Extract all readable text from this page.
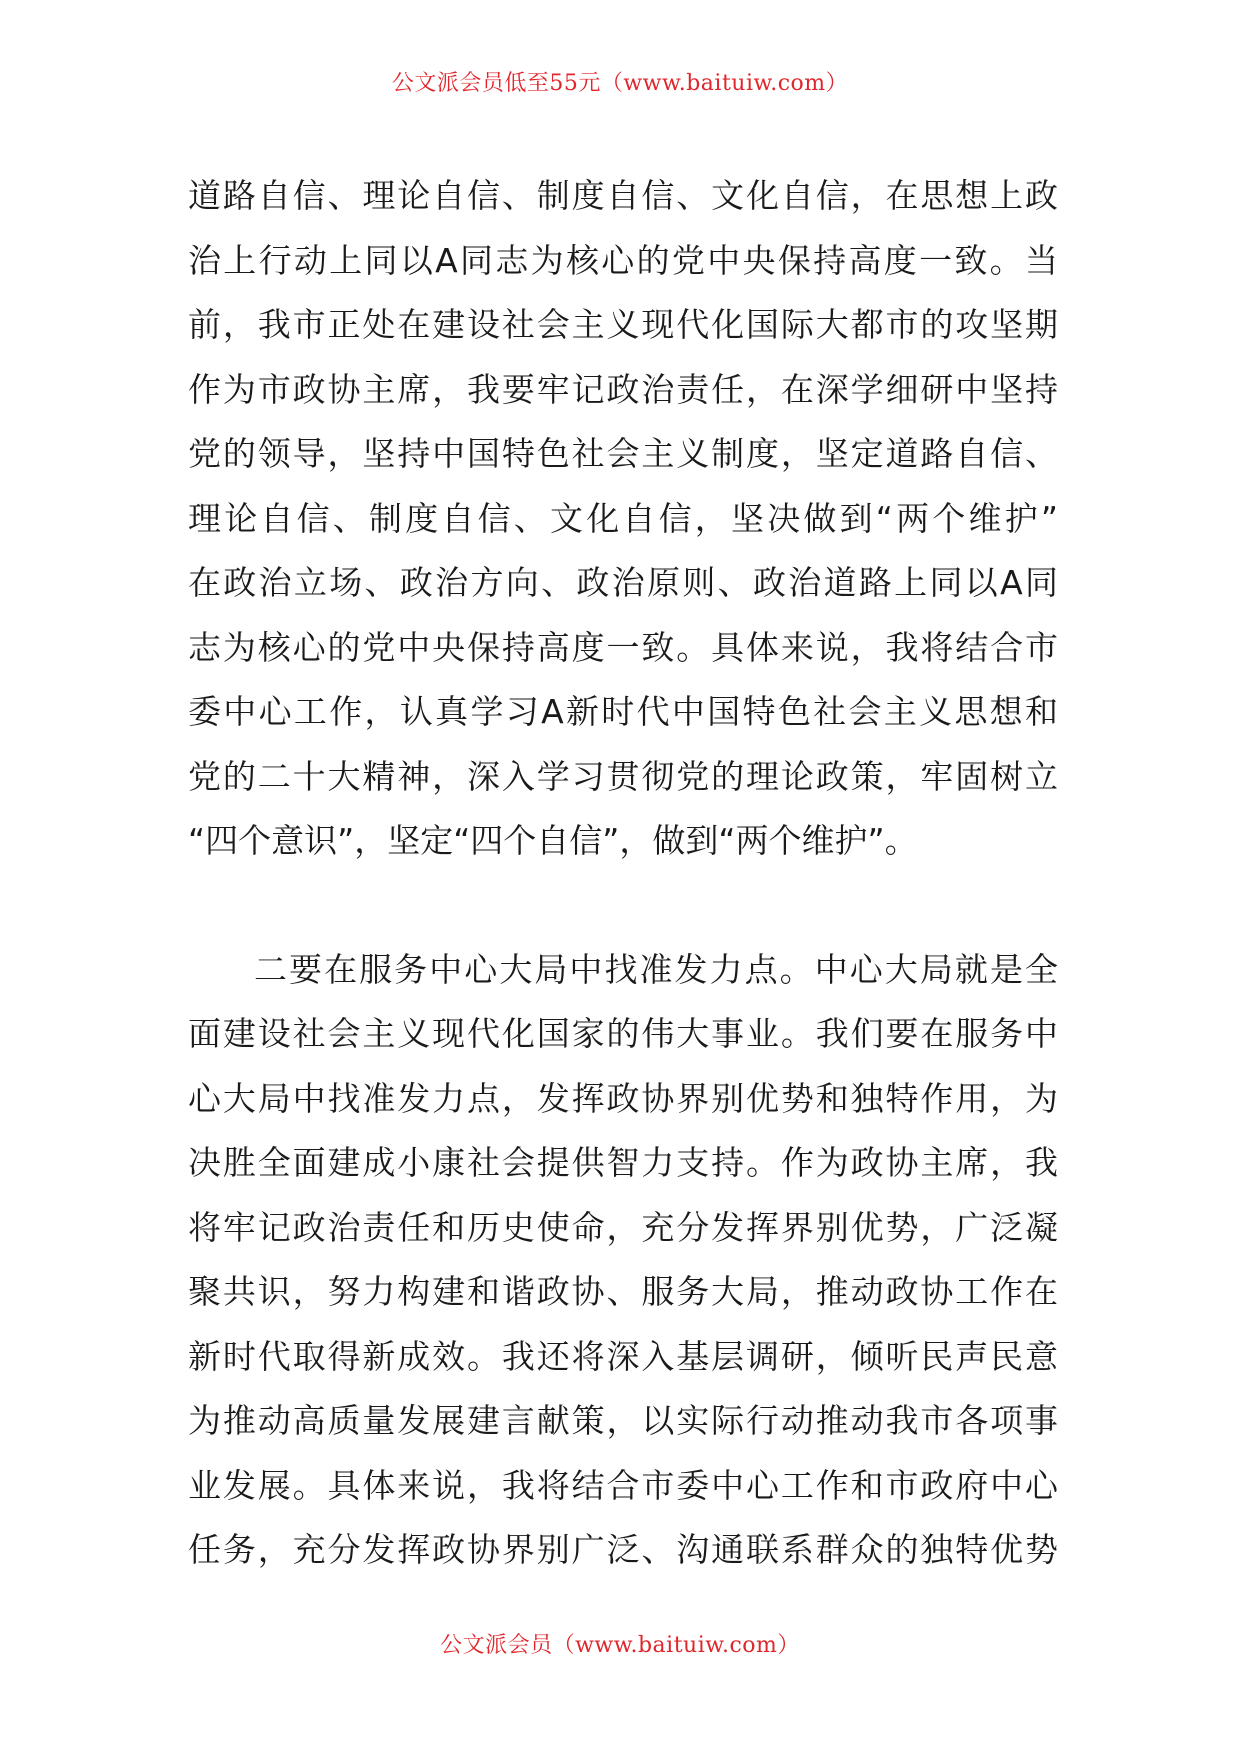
公文派会员低至55元（www.baituiw.com）
道路自信、理论自信、制度自信、文化自信，在思想上政
治上行动上同以A同志为核心的党中央保持高度一致。当
前，我市正处在建设社会主义现代化国际大都市的攻坚期
作为市政协主席，我要牢记政治责任，在深学细研中坚持
党的领导，坚持中国特色社会主义制度，坚定道路自信、
理论自信、制度自信、文化自信，坚决做到“两个维护”
在政治立场、政治方向、政治原则、政治道路上同以A同
志为核心的党中央保持高度一致。具体来说，我将结合市
委中心工作，认真学习A新时代中国特色社会主义思想和
党的二十大精神，深入学习贯彻党的理论政策，牢固树立
“四个意识”，坚定“四个自信”，做到“两个维护”。
二要在服务中心大局中找准发力点。中心大局就是全
面建设社会主义现代化国家的伟大事业。我们要在服务中
心大局中找准发力点，发挥政协界别优势和独特作用，为
决胜全面建成小康社会提供智力支持。作为政协主席，我
将牢记政治责任和历史使命，充分发挥界别优势，广泛凝
聚共识，努力构建和谐政协、服务大局，推动政协工作在
新时代取得新成效。我还将深入基层调研，倾听民声民意
为推动高质量发展建言献策，以实际行动推动我市各项事
业发展。具体来说，我将结合市委中心工作和市政府中心
任务，充分发挥政协界别广泛、沟通联系群众的独特优势
公文派会员（www.baituiw.com）
